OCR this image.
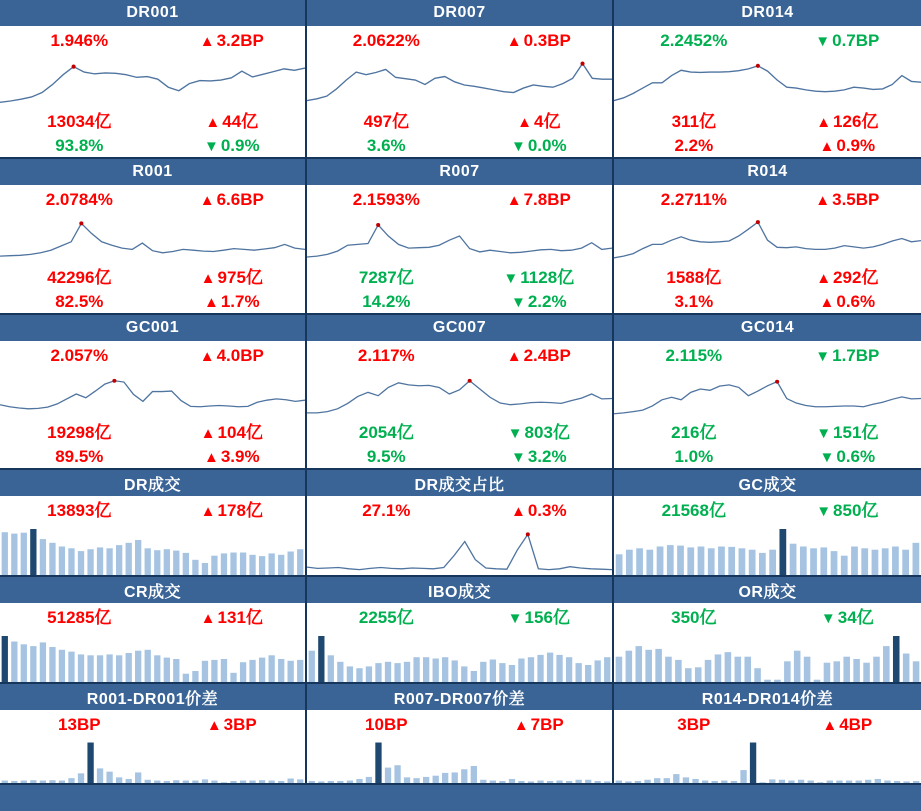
DR001
1.946%	▲ 3.2BP
13034亿	▲ 44亿
93.8%	▼ 0.9%
DR007
2.0622%	▲ 0.3BP
497亿	▲ 4亿
3.6%	▼ 0.0%
DR014
2.2452%	▼ 0.7BP
311亿	▲ 126亿
2.2%	▲ 0.9%
R001
2.0784%	▲ 6.6BP
42296亿	▲ 975亿
82.5%	▲ 1.7%
R007
2.1593%	▲ 7.8BP
7287亿	▼ 1128亿
14.2%	▼ 2.2%
R014
2.2711%	▲ 3.5BP
1588亿	▲ 292亿
3.1%	▲ 0.6%
GC001
2.057%	▲ 4.0BP
19298亿	▲ 104亿
89.5%	▲ 3.9%
GC007
2.117%	▲ 2.4BP
2054亿	▼ 803亿
9.5%	▼ 3.2%
GC014
2.115%	▼ 1.7BP
216亿	▼ 151亿
1.0%	▼ 0.6%
DR成交
13893亿	▲ 178亿
DR成交占比
27.1%	▲ 0.3%
GC成交
21568亿	▼ 850亿
CR成交
51285亿	▲ 131亿
IBO成交
2255亿	▼ 156亿
OR成交
350亿	▼ 34亿
R001-DR001价差
13BP	▲ 3BP
R007-DR007价差
10BP	▲ 7BP
R014-DR014价差
3BP	▲ 4BP
